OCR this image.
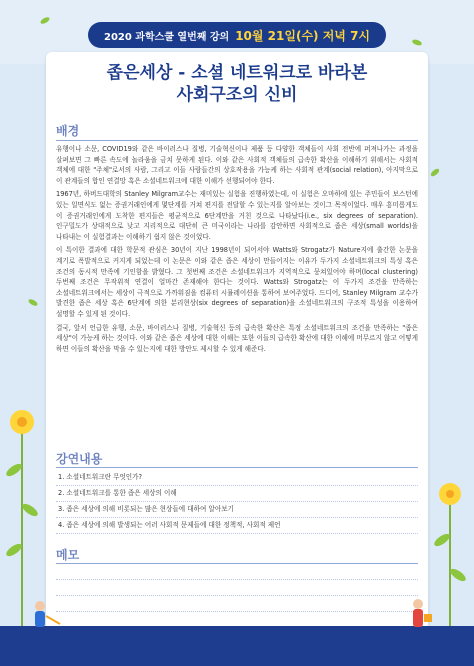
2020 과학스쿨 열번째 강의 10월 21일(수) 저녁 7시
좁은세상 - 소셜 네트워크로 바라본
사회구조의 신비
배경

유행이나 소문, COVID19와 같은 바이러스나 질병, 기술혁신이나 제품 등 다양한 객체들이 사회 전반에 퍼져나가는 과정을 살펴보면 그 빠른 속도에 놀라움을 금치 못하게 된다. 이와 같은 사회적 객체들의 급속한 확산을 이해하기 위해서는 사회적 객체에 대한 "주체"로서의 사람, 그리고 이들 사람들간의 상호작용을 가능케 하는 사회적 관계(social relation), 아지막으로 이 관계들의 합인 연결망 혹은 소셜네트워크에 대한 이해가 선행되어야 한다.

1967년, 하버드대학의 Stanley Milgram교수는 재미있는 실험을 진행하였는데, 이 실험은 오마하에 있는 주민들이 보스턴에 있는 일면식도 없는 증권거래인에게 몇단계를 거쳐 편지를 전달할 수 있는지를 알아보는 것이그 목적이었다. 매우 흥미롭게도 이 증권거래인에게 도착한 편지들은 평균적으로 6단계만을 거친 것으로 나타났다(i.e., six degrees of separation). 인구밀도가 상대적으로 낮고 지리적으로 대단히 큰 미국이라는 나라를 감안하면 사회적으로 좁은 세상(small worlds)을 나타내는 이 실험결과는 이해하기 쉽지 않은 것이었다.

이 특이한 결과에 대한 학문적 관심은 30년이 지난 1998년이 되어서야 Watts와 Strogatz가 Nature지에 출간한 논문을 계기로 폭발적으로 커지게 되었는데 이 논문은 이와 같은 좁은 세상이 만들어지는 이유가 두가지 소셜네트워크의 특성 혹은 조건의 동시적 만족에 기인함을 밝혔다. 그 첫번째 조건은 소셜네트워크가 지역적으로 뭉쳐있어야 하며(local clustering) 두번째 조건은 무작위적 연결이 얼마간 존재해야 한다는 것이다. Watts와 Strogatz는 이 두가지 조건을 만족하는 소셜네트워크에서는 세상이 극적으로 가까워짐을 컴퓨터 시뮬레이션을 통하여 보여주었다. 드디어, Stanley Milgram 교수가 발견한 좁은 세상 혹은 6단계에 의한 분리현상(six degrees of separation)을 소셜네트워크의 구조적 특성을 이용하여 설명할 수 있게 된 것이다.

결국, 앞서 언급한 유행, 소문, 바이러스나 질병, 기술혁신 등의 급속한 확산은 특정 소셜네트워크의 조건을 만족하는 "좁은 세상"이 가능케 하는 것이다. 이와 같은 좁은 세상에 대한 이해는 또한 이들의 급속한 확산에 대한 이해에 머무르지 않고 어떻게 하면 이들의 확산을 막을 수 있는지에 대한 방안도 제시할 수 있게 해준다.

강연내용
1. 소셜네트워크란 무엇인가?
2. 소셜네트워크를 통한 좁은 세상의 이해
3. 좁은 세상에 의해 비롯되는 많은 현상들에 대하여 알아보기
4. 좁은 세상에 의해 발생되는 어러 사회적 문제들에 대한 정책적, 사회적 제언
메모
